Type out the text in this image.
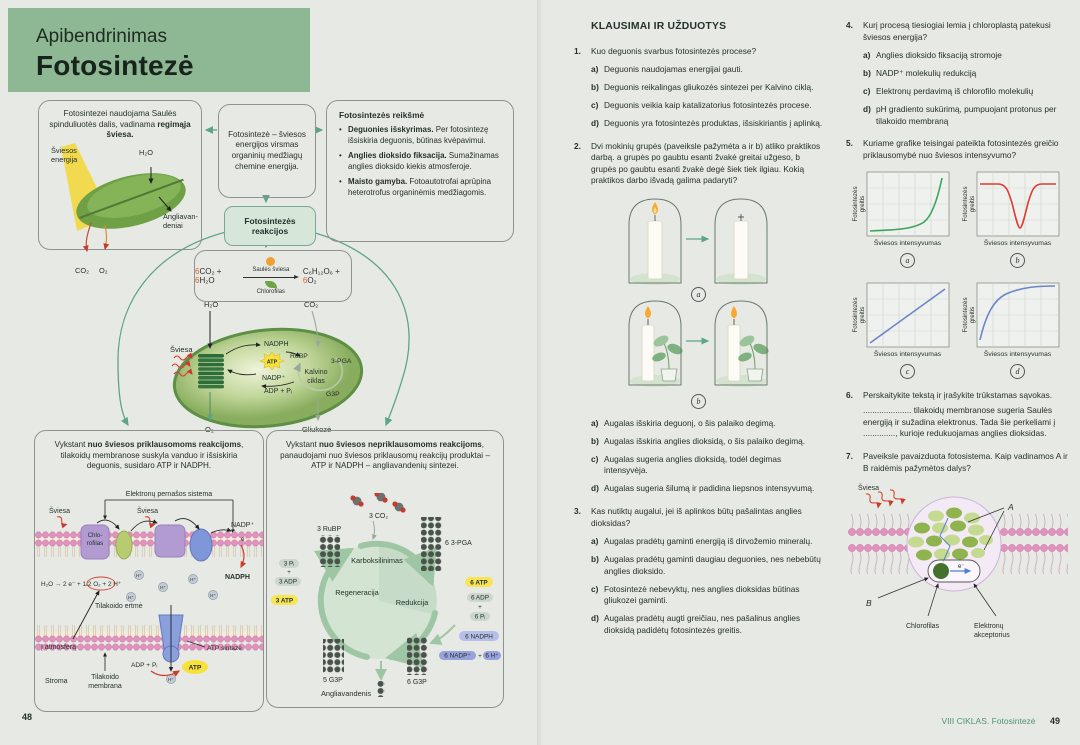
Apibendrinimas
Fotosintezė
Fotosintezei naudojama Saulės spinduliuotės dalis, vadinama regimąja šviesa.
Šviesos
energija
H₂O
Angliavan-
deniai
CO₂ O₂
Fotosintezė – šviesos energijos virsmas organinių medžiagų chemine energija.
Fotosintezės reikšmė
• Deguonies išskyrimas. Per fotosintezę išsiskiria deguonis, būtinas kvėpavimui.
• Anglies dioksido fiksacija. Sumažinamas anglies dioksido kiekis atmosferoje.
• Maisto gamyba. Fotoautotrofai aprūpina heterotrofus organinėmis medžiagomis.
Fotosintezės
reakcijos
6CO₂ + 6H₂O
Saulės šviesa
Chlorofilas
C₆H₁₂O₆ + 6O₂
H₂O	CO₂
Šviesa
NADPH
ATP
NADP⁺
ADP + Pᵢ
RuBP
3-PGA
Kalvino
ciklas
G3P
O₂	Gliukozė
Vykstant nuo šviesos priklausomoms reakcijoms, tilakoidų membranose suskyla vanduo ir išsiskiria deguonis, susidaro ATP ir NADPH.
Elektronų pernašos sistema
Šviesa	Šviesa
Chlo-
rofilas
NADP⁺
e⁻
NADPH
H₂O → 2 e⁻ + 1/2 O₂ + 2 H⁺
H⁺
H⁺
H⁺
H⁺	H⁺
Tilakoido ertmė
H⁺
Į atmosferą
Tilakoido
membrana
Stroma
ADP + Pᵢ	ATP
ATP sintazė
Vykstant nuo šviesos nepriklausomoms reakcijoms, panaudojami nuo šviesos priklausomų reakcijų produktai – ATP ir NADPH – angliavandenių sintezei.
3 CO₂
3 RuBP
6 3-PGA
Karboksilinimas
Redukcija
Regeneracija
3 Pᵢ
+
3 ADP
3 ATP
6 ATP
6 ADP
+
6 Pᵢ
6 NADPH
6 NADP⁺ + 6 H⁺
5 G3P	6 G3P
Angliavandenis
48
KLAUSIMAI IR UŽDUOTYS
1.	Kuo deguonis svarbus fotosintezės procese?
a) Deguonis naudojamas energijai gauti.
b) Deguonis reikalingas gliukozės sintezei per Kalvino ciklą.
c) Deguonis veikia kaip katalizatorius fotosintezės procese.
d) Deguonis yra fotosintezės produktas, išsiskiriantis į aplinką.
2.	Dvi mokinių grupės (paveiksle pažymėta a ir b) atliko praktikos darbą. a grupės po gaubtu esanti žvakė greitai užgeso, b grupės po gaubtu esanti žvakė degė šiek tiek ilgiau. Kokią praktikos darbo išvadą galima padaryti?
a
b
a) Augalas išskiria deguonį, o šis palaiko degimą.
b) Augalas išskiria anglies dioksidą, o šis palaiko degimą.
c) Augalas sugeria anglies dioksidą, todėl degimas intensyvėja.
d) Augalas sugeria šilumą ir padidina liepsnos intensyvumą.
3.	Kas nutiktų augalui, jei iš aplinkos būtų pašalintas anglies dioksidas?
a) Augalas pradėtų gaminti energiją iš dirvožemio mineralų.
b) Augalas pradėtų gaminti daugiau deguonies, nes nebebūtų anglies dioksido.
c) Fotosintezė nebevyktų, nes anglies dioksidas būtinas gliukozei gaminti.
d) Augalas pradėtų augti greičiau, nes pašalinus anglies dioksidą padidėtų fotosintezės greitis.
4.	Kurį procesą tiesiogiai lemia į chloroplastą patekusi šviesos energija?
a) Anglies dioksido fiksaciją stromoje
b) NADP⁺ molekulių redukciją
c) Elektronų perdavimą iš chlorofilo molekulių
d) pH gradiento sukūrimą, pumpuojant protonus per tilakoido membraną
5.	Kuriame grafike teisingai pateikta fotosintezės greičio priklausomybė nuo šviesos intensyvumo?
Fotosintezės
greitis
Šviesos intensyvumas
a
Fotosintezės
greitis
Šviesos intensyvumas
b
Fotosintezės
greitis
Šviesos intensyvumas
c
Fotosintezės
greitis
Šviesos intensyvumas
d
6.	Perskaitykite tekstą ir įrašykite trūkstamas sąvokas.
..................... tilakoidų membranose sugeria Saulės energiją ir sužadina elektronus. Tada šie perkeliami į .............., kurioje redukuojamas anglies dioksidas.
7.	Paveiksle pavaizduota fotosistema. Kaip vadinamos A ir B raidėmis pažymėtos dalys?
Šviesa
e⁻
A
B
Chlorofilas	Elektronų
akceptorius
VIII CIKLAS. Fotosintezė 49
